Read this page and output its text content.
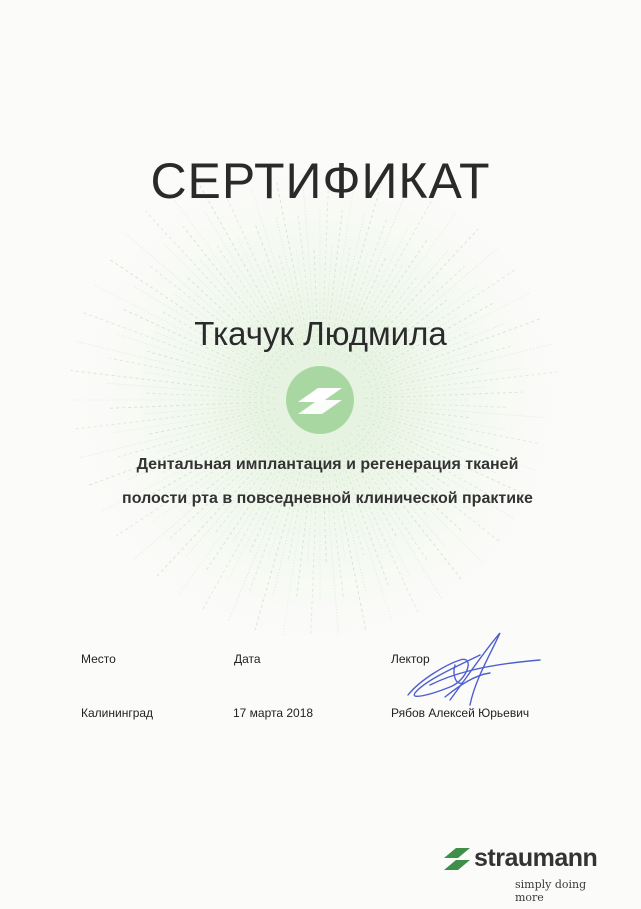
СЕРТИФИКАТ
Ткачук Людмила
Дентальная имплантация и регенерация тканей
полости рта в повседневной клинической практике
Место	Дата	Лектор
Калининград	17 марта 2018	Рябов Алексей Юрьевич
straumann
simply doing more
